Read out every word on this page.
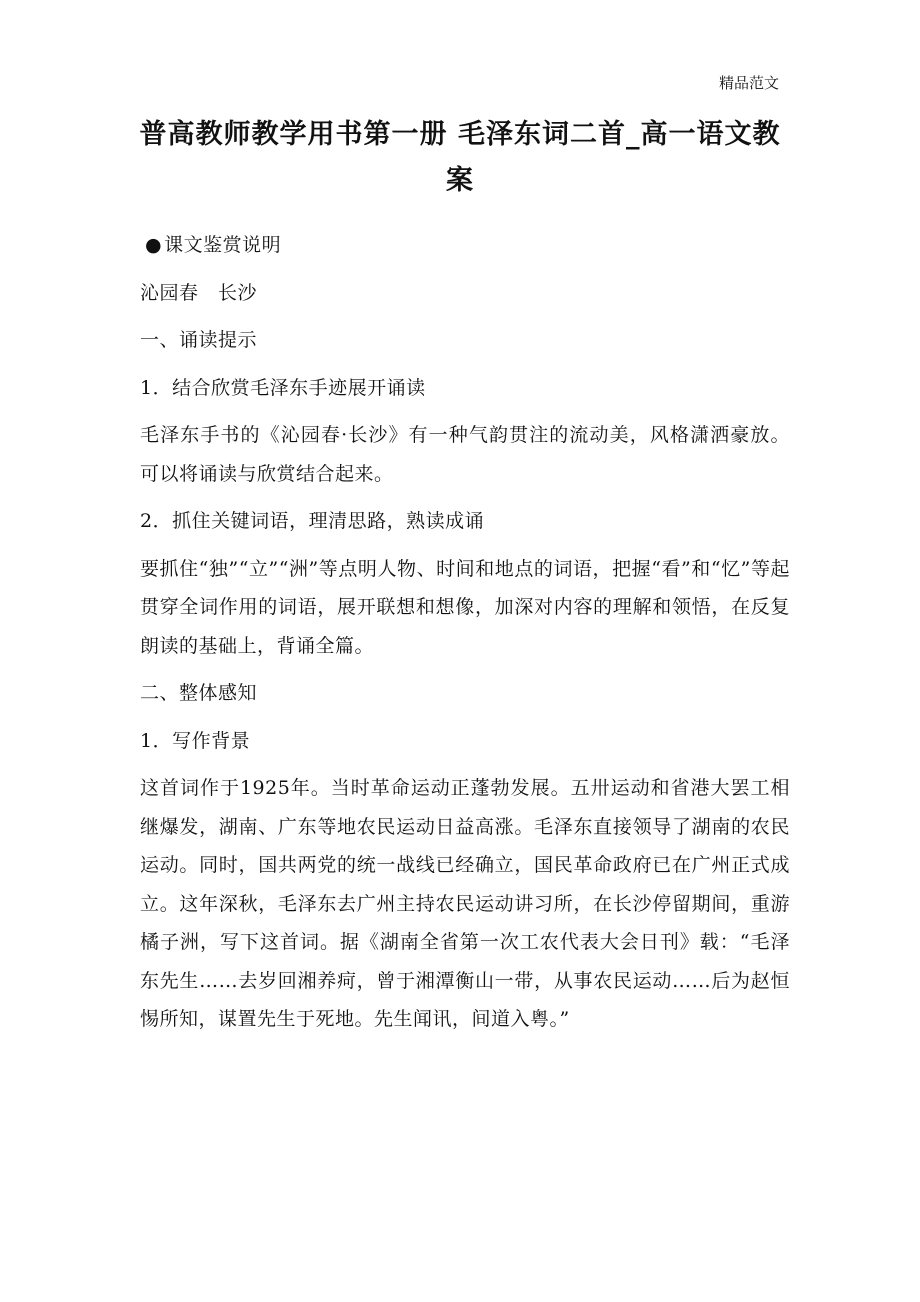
精品范文
普高教师教学用书第一册 毛泽东词二首_高一语文教案

● 课文鉴赏说明

沁园春　长沙

一、诵读提示

1．结合欣赏毛泽东手迹展开诵读

毛泽东手书的《沁园春·长沙》有一种气韵贯注的流动美，风格潇洒豪放。可以将诵读与欣赏结合起来。

2．抓住关键词语，理清思路，熟读成诵

要抓住“独”“立”“洲”等点明人物、时间和地点的词语，把握“看”和“忆”等起贯穿全词作用的词语，展开联想和想像，加深对内容的理解和领悟，在反复朗读的基础上，背诵全篇。

二、整体感知

1．写作背景

这首词作于1925年。当时革命运动正蓬勃发展。五卅运动和省港大罢工相继爆发，湖南、广东等地农民运动日益高涨。毛泽东直接领导了湖南的农民运动。同时，国共两党的统一战线已经确立，国民革命政府已在广州正式成立。这年深秋，毛泽东去广州主持农民运动讲习所，在长沙停留期间，重游橘子洲，写下这首词。据《湖南全省第一次工农代表大会日刊》载：“毛泽东先生……去岁回湘养疴，曾于湘潭衡山一带，从事农民运动……后为赵恒惕所知，谋置先生于死地。先生闻讯，间道入粤。”
